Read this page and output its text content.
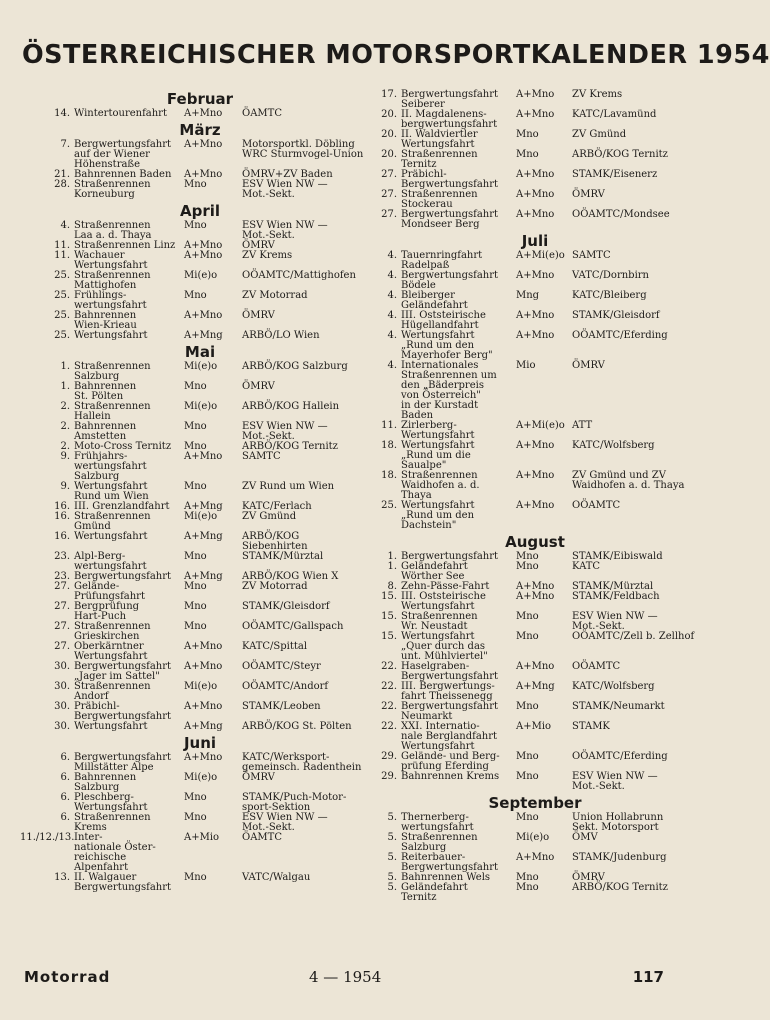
ÖSTERREICHISCHER MOTORSPORTKALENDER 1954
Februar
14. Wintertourenfahrt	A+Mno	ÖAMTC
März
7. Bergwertungsfahrt
auf der Wiener
Höhenstraße
A+Mno	Motorsportkl. Döbling
WRC Sturmvogel-Union
21. Bahnrennen Baden	A+Mno	ÖMRV+ZV Baden
28. Straßenrennen
Korneuburg
Mno	ESV Wien NW —
Mot.-Sekt.
April
4. Straßenrennen
Laa a. d. Thaya
Mno	ESV Wien NW —
Mot.-Sekt.
11. Straßenrennen Linz A+Mno	ÖMRV
11. Wachauer
Wertungsfahrt
A+Mno	ZV Krems
25. Straßenrennen
Mattighofen
Mi(e)o	OÖAMTC/Mattighofen
25. Frühlings-
wertungsfahrt
Mno	ZV Motorrad
25. Bahnrennen
Wien-Krieau
A+Mno	ÖMRV
25. Wertungsfahrt	A+Mng	ARBÖ/LO Wien
Mai
1. Straßenrennen
Salzburg
Mi(e)o	ARBÖ/KOG Salzburg
1. Bahnrennen
St. Pölten
Mno	ÖMRV
2. Straßenrennen
Hallein
Mi(e)o	ARBÖ/KOG Hallein
2. Bahnrennen
Amstetten
Mno	ESV Wien NW —
Mot.-Sekt.
2. Moto-Cross Ternitz	Mno	ARBÖ/KOG Ternitz
9. Frühjahrs-
wertungsfahrt
Salzburg
A+Mno	SAMTC
9. Wertungsfahrt
Rund um Wien
Mno	ZV Rund um Wien
16. III. Grenzlandfahrt	A+Mng	KATC/Ferlach
16. Straßenrennen
Gmünd
Mi(e)o	ZV Gmünd
16. Wertungsfahrt	A+Mng	ARBÖ/KOG
Siebenhirten
23. Alpl-Berg-
wertungsfahrt
Mno	STAMK/Mürztal
23. Bergwertungsfahrt	A+Mng	ARBÖ/KOG Wien X
27. Gelände-
Prüfungsfahrt
Mno	ZV Motorrad
27. Bergprüfung
Hart-Puch
Mno	STAMK/Gleisdorf
27. Straßenrennen
Grieskirchen
Mno	OÖAMTC/Gallspach
27. Oberkärntner
Wertungsfahrt
A+Mno	KATC/Spittal
30. Bergwertungsfahrt
„Jager im Sattel"
A+Mno	OÖAMTC/Steyr
30. Straßenrennen
Andorf
Mi(e)o	OÖAMTC/Andorf
30. Präbichl-
Bergwertungsfahrt
A+Mno	STAMK/Leoben
30. Wertungsfahrt	A+Mng	ARBÖ/KOG St. Pölten
Juni
6. Bergwertungsfahrt
Millstätter Alpe
A+Mno	KATC/Werksport-
gemeinsch. Radenthein
6. Bahnrennen
Salzburg
Mi(e)o	ÖMRV
6. Pleschberg-
Wertungsfahrt
Mno	STAMK/Puch-Motor-
sport-Sektion
6. Straßenrennen
Krems
Mno	ESV Wien NW —
Mot.-Sekt.
11./12./13. Inter-
nationale Öster-
reichische
Alpenfahrt
A+Mio	ÖAMTC
13. II. Walgauer
Bergwertungsfahrt
Mno	VATC/Walgau
17. Bergwertungsfahrt
Seiberer
A+Mno	ZV Krems
20. II. Magdalenens-
bergwertungsfahrt
A+Mno	KATC/Lavamünd
20. II. Waldviertler
Wertungsfahrt
Mno	ZV Gmünd
20. Straßenrennen
Ternitz
Mno	ARBÖ/KOG Ternitz
27. Präbichl-
Bergwertungsfahrt
A+Mno	STAMK/Eisenerz
27. Straßenrennen
Stockerau
A+Mno	ÖMRV
27. Bergwertungsfahrt
Mondseer Berg
A+Mno	OÖAMTC/Mondsee
Juli
4. Tauernringfahrt
Radelpaß
A+Mi(e)o SAMTC
4. Bergwertungsfahrt
Bödele
A+Mno	VATC/Dornbirn
4. Bleiberger
Geländefahrt
Mng	KATC/Bleiberg
4. III. Oststeirische
Hügellandfahrt
A+Mno	STAMK/Gleisdorf
4. Wertungsfahrt
„Rund um den
Mayerhofer Berg"
A+Mno	OÖAMTC/Eferding
4. Internationales
Straßenrennen um
den „Bäderpreis
von Österreich"
in der Kurstadt
Baden
Mio	ÖMRV
11. Zirlerberg-
Wertungsfahrt
A+Mi(e)o ATT
18. Wertungsfahrt
„Rund um die
Saualpe"
A+Mno	KATC/Wolfsberg
18. Straßenrennen
Waidhofen a. d.
Thaya
A+Mno	ZV Gmünd und ZV
Waidhofen a. d. Thaya
25. Wertungsfahrt
„Rund um den
Dachstein"
A+Mno	OÖAMTC
August
1. Bergwertungsfahrt	Mno	STAMK/Eibiswald
1. Geländefahrt
Wörther See
Mno	KATC
8. Zehn-Pässe-Fahrt	A+Mno	STAMK/Mürztal
15. III. Oststeirische
Wertungsfahrt
A+Mno	STAMK/Feldbach
15. Straßenrennen
Wr. Neustadt
Mno	ESV Wien NW —
Mot.-Sekt.
15. Wertungsfahrt
„Quer durch das
unt. Mühlviertel"
Mno	OÖAMTC/Zell b. Zellhof
22. Haselgraben-
Bergwertungsfahrt
A+Mno	OÖAMTC
22. III. Bergwertungs-
fahrt Theissenegg
A+Mng	KATC/Wolfsberg
22. Bergwertungsfahrt
Neumarkt
Mno	STAMK/Neumarkt
22. XXI. Internatio-
nale Berglandfahrt
Wertungsfahrt
A+Mio	STAMK
29. Gelände- und Berg-
prüfung Eferding
Mno	OÖAMTC/Eferding
29. Bahnrennen Krems	Mno	ESV Wien NW —
Mot.-Sekt.
September
5. Thernerberg-
wertungsfahrt
Mno	Union Hollabrunn
Sekt. Motorsport
5. Straßenrennen
Salzburg
Mi(e)o	ÖMV
5. Reiterbauer-
Bergwertungsfahrt
A+Mno	STAMK/Judenburg
5. Bahnrennen Wels	Mno	ÖMRV
5. Geländefahrt
Ternitz
Mno	ARBÖ/KOG Ternitz
Motorrad	4 — 1954	117
